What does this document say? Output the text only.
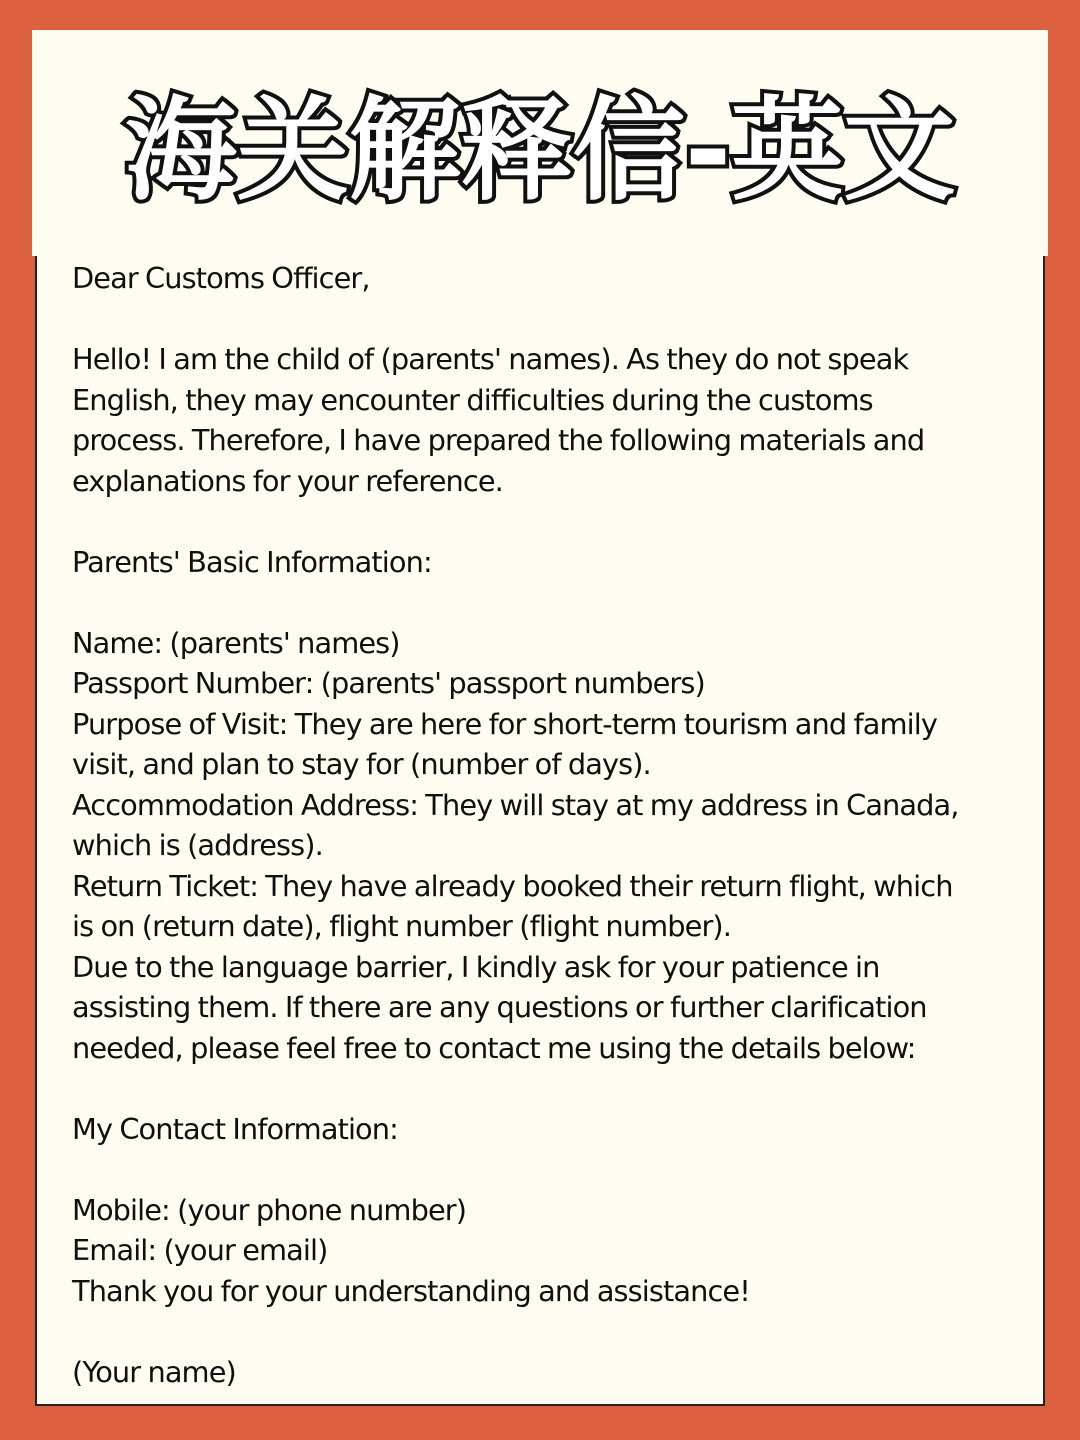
海关解释信-英文

Dear Customs Officer,

Hello! I am the child of (parents' names). As they do not speak

English, they may encounter difficulties during the customs

process. Therefore, I have prepared the following materials and

explanations for your reference.

Parents' Basic Information:

Name: (parents' names)

Passport Number: (parents' passport numbers)

Purpose of Visit: They are here for short-term tourism and family

visit, and plan to stay for (number of days).

Accommodation Address: They will stay at my address in Canada,

which is (address).

Return Ticket: They have already booked their return flight, which

is on (return date), flight number (flight number).

Due to the language barrier, I kindly ask for your patience in

assisting them. If there are any questions or further clarification

needed, please feel free to contact me using the details below:

My Contact Information:

Mobile: (your phone number)

Email: (your email)

Thank you for your understanding and assistance!

(Your name)
